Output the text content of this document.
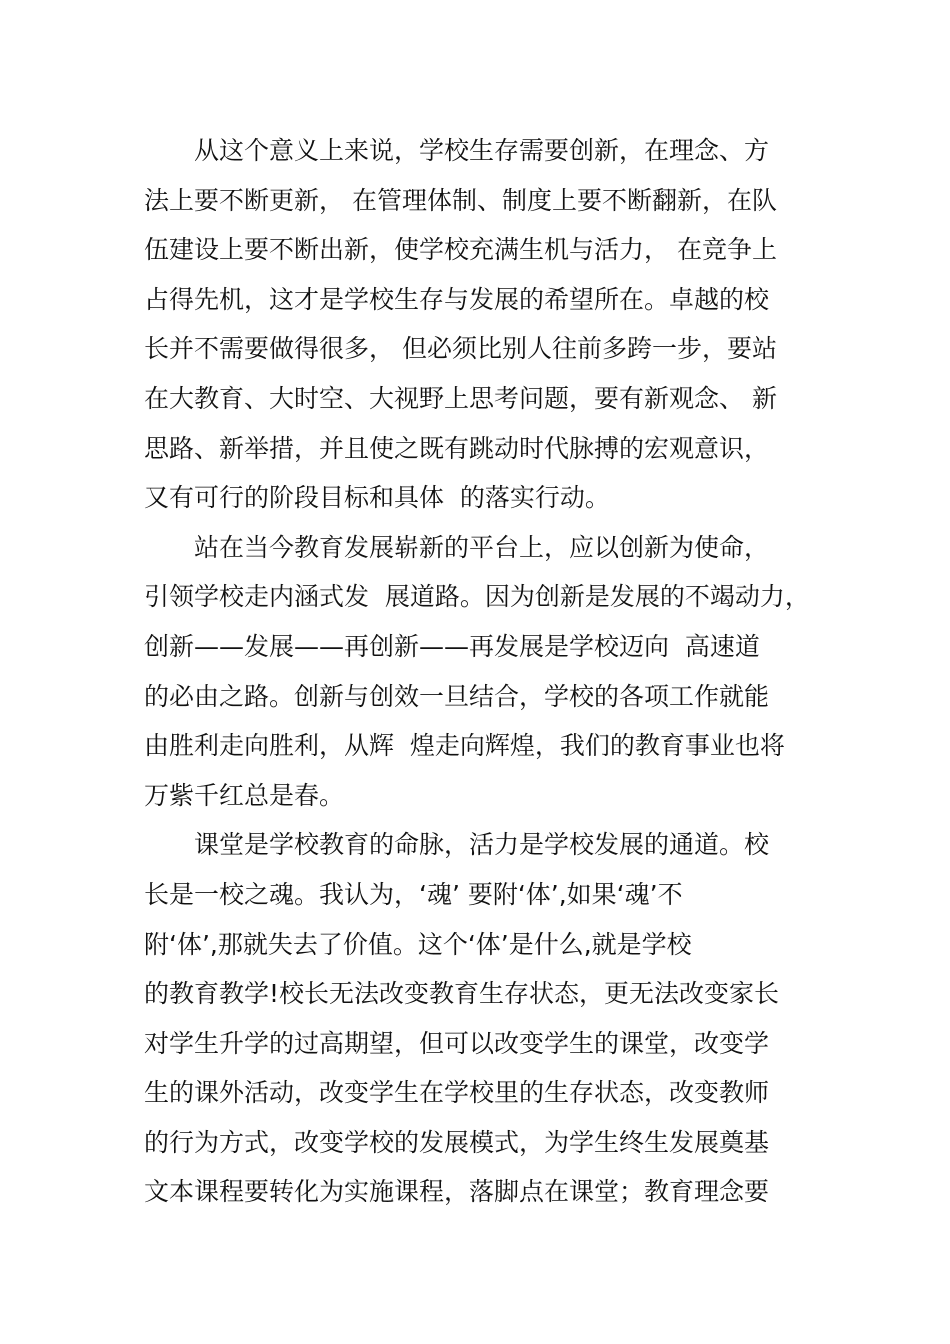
从这个意义上来说，学校生存需要创新，在理念、方
法上要不断更新， 在管理体制、制度上要不断翻新，在队
伍建设上要不断出新，使学校充满生机与活力， 在竞争上
占得先机，这才是学校生存与发展的希望所在。卓越的校
长并不需要做得很多， 但必须比别人往前多跨一步，要站
在大教育、大时空、大视野上思考问题，要有新观念、 新
思路、新举措，并且使之既有跳动时代脉搏的宏观意识，
又有可行的阶段目标和具体  的落实行动。
站在当今教育发展崭新的平台上，应以创新为使命，
引领学校走内涵式发  展道路。因为创新是发展的不竭动力，
创新——发展——再创新——再发展是学校迈向  高速道
的必由之路。创新与创效一旦结合，学校的各项工作就能
由胜利走向胜利，从辉  煌走向辉煌，我们的教育事业也将
万紫千红总是春。
课堂是学校教育的命脉，活力是学校发展的通道。校
长是一校之魂。我认为，‘魂’ 要附‘体’,如果‘魂’不
附‘体’,那就失去了价值。这个‘体’是什么,就是学校
的教育教学!校长无法改变教育生存状态，更无法改变家长
对学生升学的过高期望，但可以改变学生的课堂，改变学
生的课外活动，改变学生在学校里的生存状态，改变教师
的行为方式，改变学校的发展模式，为学生终生发展奠基
文本课程要转化为实施课程，落脚点在课堂；教育理念要
